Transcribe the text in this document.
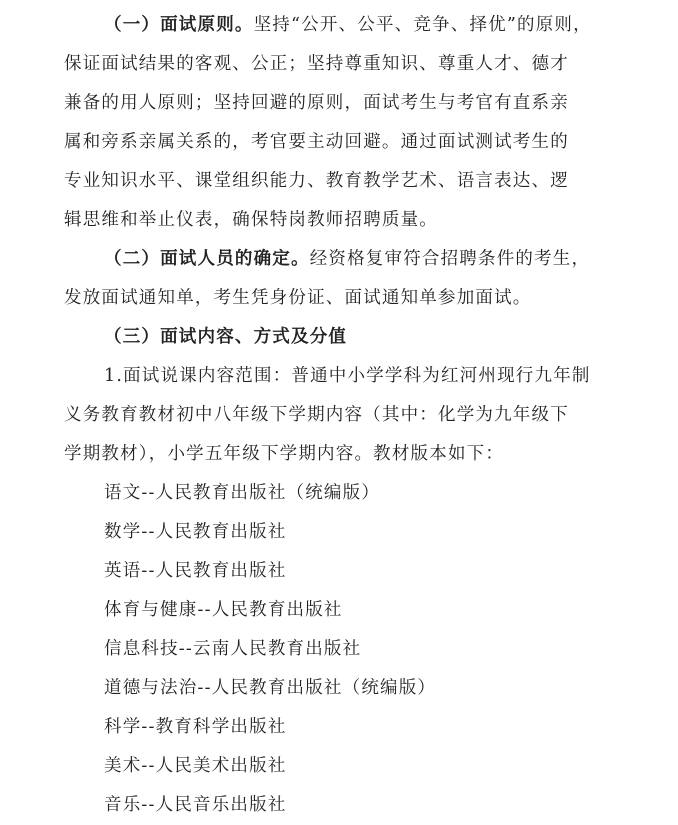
（一）面试原则。坚持“公开、公平、竞争、择优”的原则，
保证面试结果的客观、公正；坚持尊重知识、尊重人才、德才
兼备的用人原则；坚持回避的原则，面试考生与考官有直系亲
属和旁系亲属关系的，考官要主动回避。通过面试测试考生的
专业知识水平、课堂组织能力、教育教学艺术、语言表达、逻
辑思维和举止仪表，确保特岗教师招聘质量。
（二）面试人员的确定。经资格复审符合招聘条件的考生，
发放面试通知单，考生凭身份证、面试通知单参加面试。
（三）面试内容、方式及分值
1.面试说课内容范围：普通中小学学科为红河州现行九年制
义务教育教材初中八年级下学期内容（其中：化学为九年级下
学期教材），小学五年级下学期内容。教材版本如下：
语文--人民教育出版社（统编版）
数学--人民教育出版社
英语--人民教育出版社
体育与健康--人民教育出版社
信息科技--云南人民教育出版社
道德与法治--人民教育出版社（统编版）
科学--教育科学出版社
美术--人民美术出版社
音乐--人民音乐出版社
